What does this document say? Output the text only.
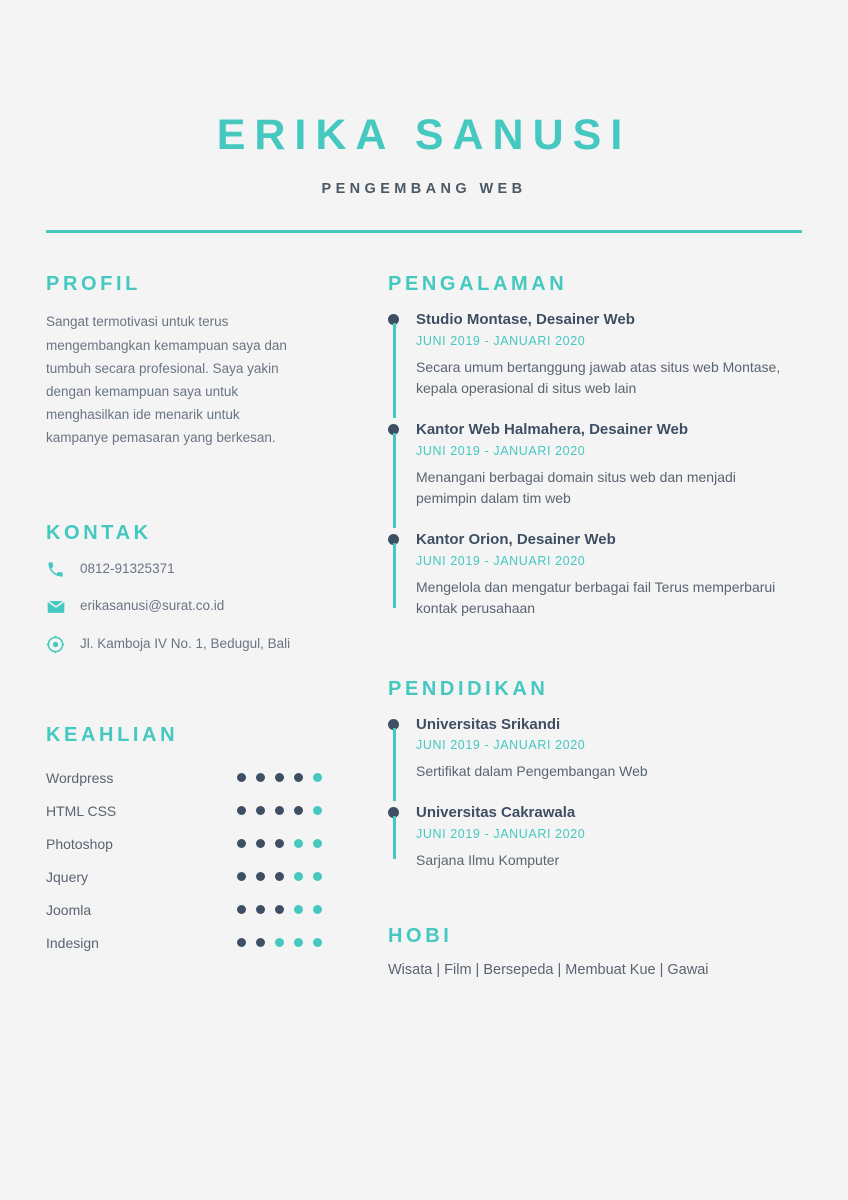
ERIKA SANUSI
PENGEMBANG WEB
PROFIL

Sangat termotivasi untuk terus mengembangkan kemampuan saya dan tumbuh secara profesional. Saya yakin dengan kemampuan saya untuk menghasilkan ide menarik untuk kampanye pemasaran yang berkesan.

KONTAK
0812-91325371
erikasanusi@surat.co.id
Jl. Kamboja IV No. 1, Bedugul, Bali
KEAHLIAN
Wordpress
HTML CSS
Photoshop
Jquery
Joomla
Indesign
PENGALAMAN
Studio Montase, Desainer Web
JUNI 2019 - JANUARI 2020
Secara umum bertanggung jawab atas situs web Montase, kepala operasional di situs web lain
Kantor Web Halmahera, Desainer Web
JUNI 2019 - JANUARI 2020
Menangani berbagai domain situs web dan menjadi pemimpin dalam tim web
Kantor Orion, Desainer Web
JUNI 2019 - JANUARI 2020
Mengelola dan mengatur berbagai fail Terus memperbarui kontak perusahaan
PENDIDIKAN
Universitas Srikandi
JUNI 2019 - JANUARI 2020
Sertifikat dalam Pengembangan Web
Universitas Cakrawala
JUNI 2019 - JANUARI 2020
Sarjana Ilmu Komputer
HOBI
Wisata | Film | Bersepeda | Membuat Kue | Gawai
